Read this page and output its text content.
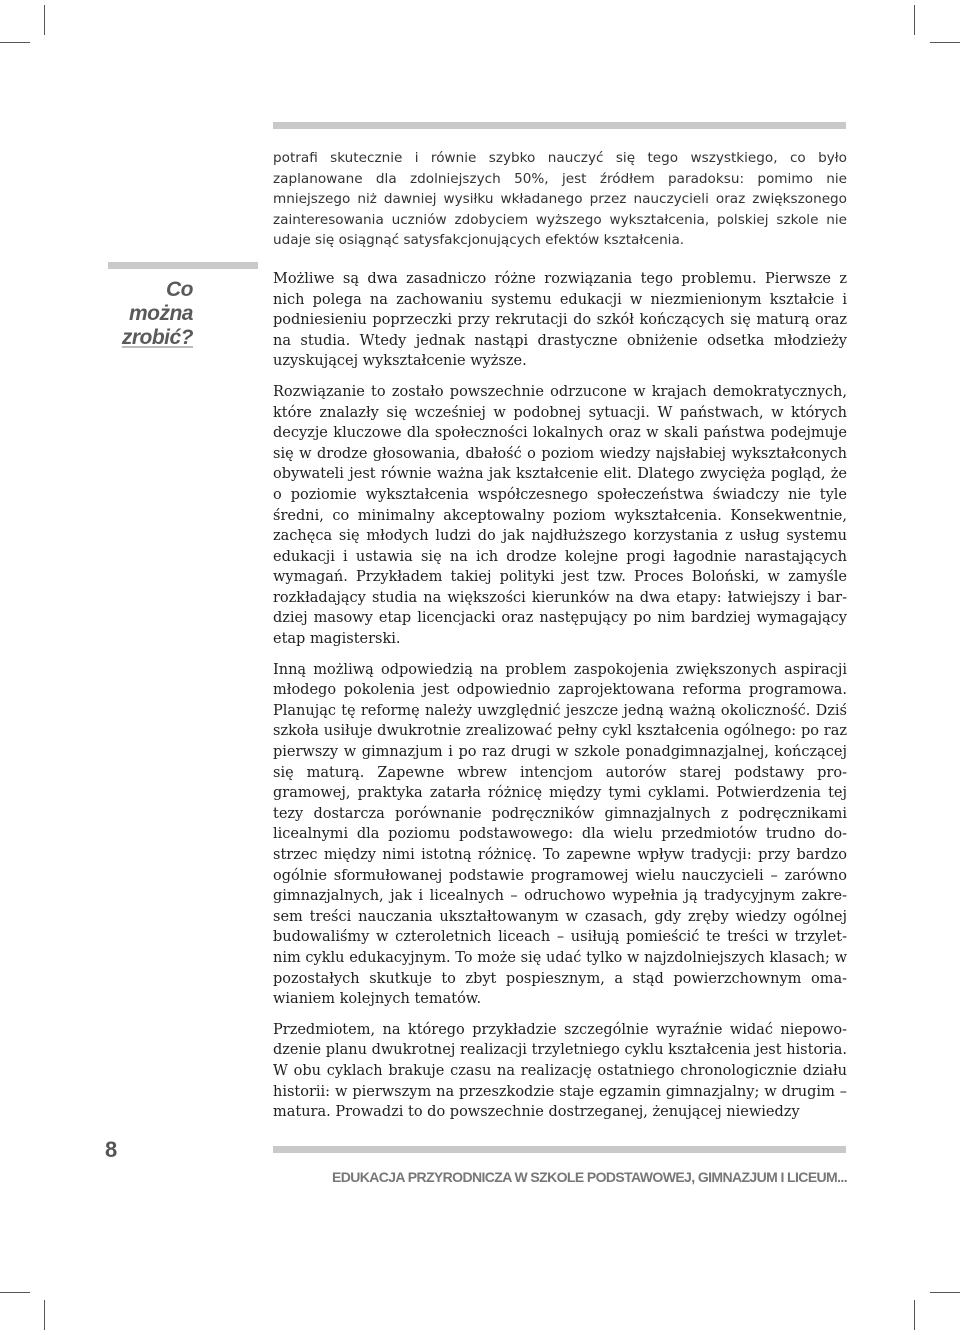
Co można
zrobić?

potrafi skutecznie i równie szybko nauczyć się tego wszystkiego, co było zaplanowane dla zdolniejszych 50%, jest źródłem paradoksu: pomimo nie mniejszego niż dawniej wysiłku wkładanego przez nauczycieli oraz zwiększonego zainteresowania uczniów zdobyciem wyższego wykształcenia, polskiej szkole nie udaje się osiągnąć satysfakcjonujących efektów kształcenia.

Możliwe są dwa zasadniczo różne rozwiązania tego problemu. Pierwsze z nich polega na zachowaniu systemu edukacji w niezmienionym kształcie i podniesieniu poprzeczki przy rekrutacji do szkół kończących się maturą oraz na studia. Wtedy jednak nastąpi drastyczne obniżenie odsetka młodzieży uzyskującej wykształcenie wyższe.

Rozwiązanie to zostało powszechnie odrzucone w krajach demokratycznych, które znalazły się wcześniej w podobnej sytuacji. W państwach, w których decyzje kluczowe dla społeczności lokalnych oraz w skali państwa podejmuje się w drodze głosowania, dbałość o poziom wiedzy najsłabiej wykształconych obywateli jest równie ważna jak kształcenie elit. Dlatego zwycięża pogląd, że o poziomie wykształcenia współczesnego społeczeństwa świadczy nie tyle średni, co minimalny akceptowalny poziom wykształcenia. Konsekwentnie, zachęca się młodych ludzi do jak najdłuższego korzystania z usług systemu edukacji i ustawia się na ich drodze kolejne progi łagodnie narastających wymagań. Przykładem takiej polityki jest tzw. Proces Boloński, w zamyśle rozkładający studia na większości kierunków na dwa etapy: łatwiejszy i bardziej masowy etap licencjacki oraz następujący po nim bardziej wymagający etap magisterski.

Inną możliwą odpowiedzią na problem zaspokojenia zwiększonych aspiracji młodego pokolenia jest odpowiednio zaprojektowana reforma programowa. Planując tę reformę należy uwzględnić jeszcze jedną ważną okoliczność. Dziś szkoła usiłuje dwukrotnie zrealizować pełny cykl kształcenia ogólnego: po raz pierwszy w gimnazjum i po raz drugi w szkole ponadgimnazjalnej, kończącej się maturą. Zapewne wbrew intencjom autorów starej podstawy programowej, praktyka zatarła różnicę między tymi cyklami. Potwierdzenia tej tezy dostarcza porównanie podręczników gimnazjalnych z podręcznikami licealnymi dla poziomu podstawowego: dla wielu przedmiotów trudno dostrzec między nimi istotną różnicę. To zapewne wpływ tradycji: przy bardzo ogólnie sformułowanej podstawie programowej wielu nauczycieli – zarówno gimnazjalnych, jak i licealnych – odruchowo wypełnia ją tradycyjnym zakresem treści nauczania ukształtowanym w czasach, gdy zręby wiedzy ogólnej budowaliśmy w czteroletnich liceach – usiłują pomieścić te treści w trzyletnim cyklu edukacyjnym. To może się udać tylko w najzdolniejszych klasach; w pozostałych skutkuje to zbyt pospiesznym, a stąd powierzchownym omawianiem kolejnych tematów.

Przedmiotem, na którego przykładzie szczególnie wyraźnie widać niepowodzenie planu dwukrotnej realizacji trzyletniego cyklu kształcenia jest historia. W obu cyklach brakuje czasu na realizację ostatniego chronologicznie działu historii: w pierwszym na przeszkodzie staje egzamin gimnazjalny; w drugim – matura. Prowadzi to do powszechnie dostrzeganej, żenującej niewiedzy

8
EDUKACJA PRZYRODNICZA W SZKOLE PODSTAWOWEJ, GIMNAZJUM I LICEUM...
